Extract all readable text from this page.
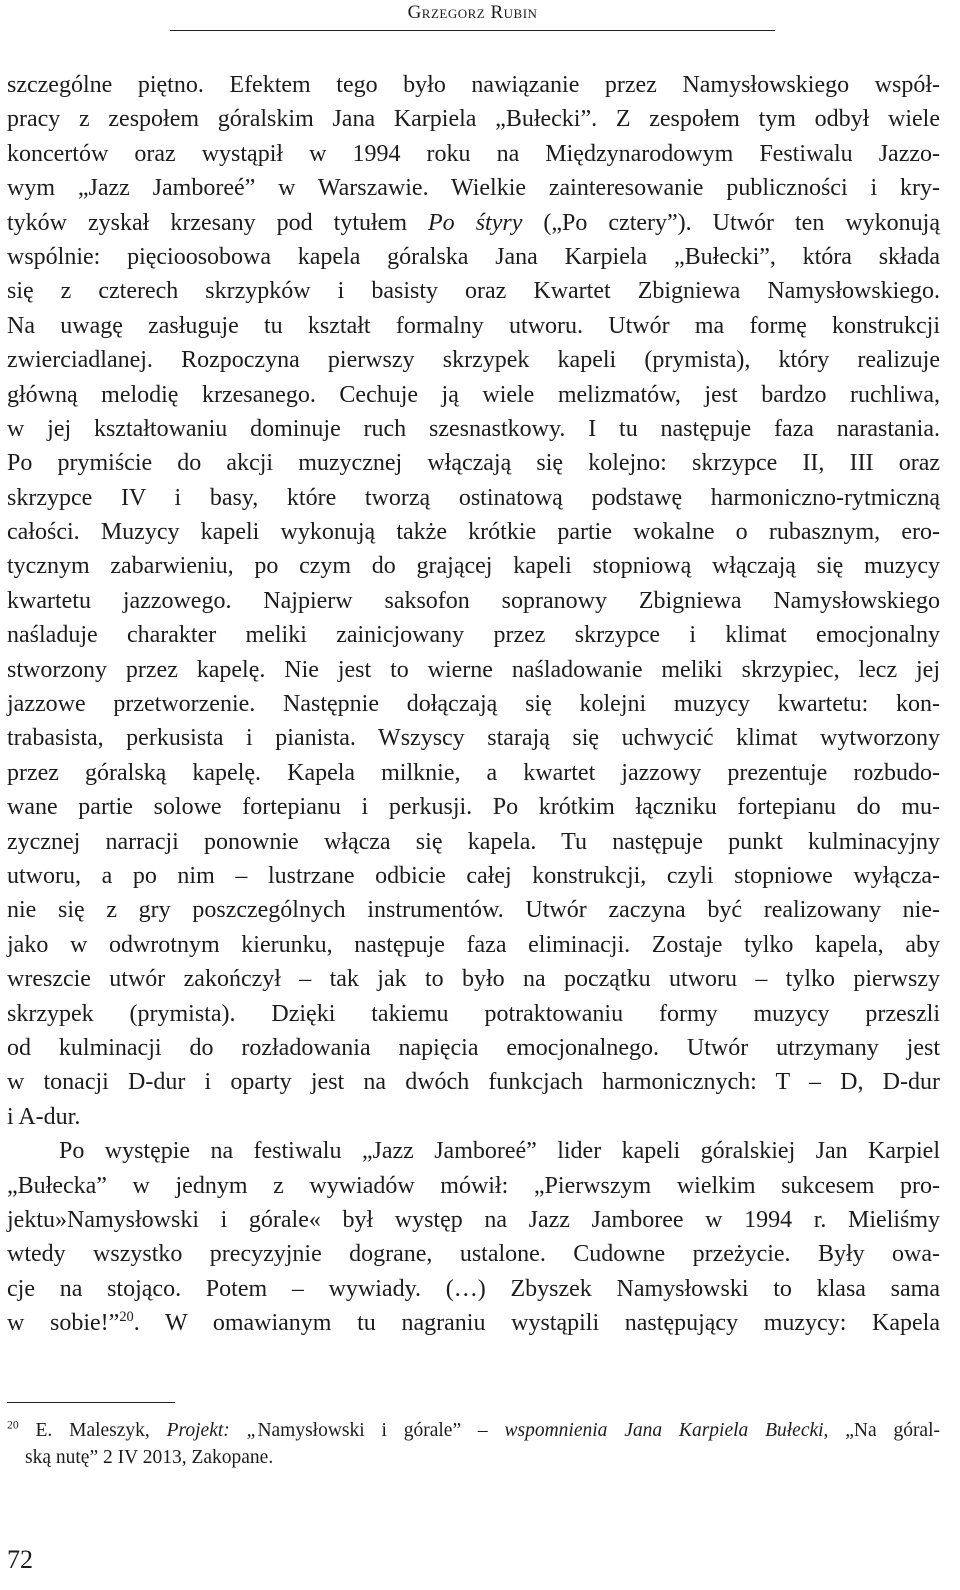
Grzegorz Rubin
szczególne piętno. Efektem tego było nawiązanie przez Namysłowskiego współ-
pracy z zespołem góralskim Jana Karpiela „Bułecki”. Z zespołem tym odbył wiele
koncertów oraz wystąpił w 1994 roku na Międzynarodowym Festiwalu Jazzo-
wym „Jazz Jamboreé” w Warszawie. Wielkie zainteresowanie publiczności i kry-
tyków zyskał krzesany pod tytułem Po śtyry („Po cztery”). Utwór ten wykonują
wspólnie: pięcioosobowa kapela góralska Jana Karpiela „Bułecki”, która składa
się z czterech skrzypków i basisty oraz Kwartet Zbigniewa Namysłowskiego.
Na uwagę zasługuje tu kształt formalny utworu. Utwór ma formę konstrukcji
zwierciadlanej. Rozpoczyna pierwszy skrzypek kapeli (prymista), który realizuje
główną melodię krzesanego. Cechuje ją wiele melizmatów, jest bardzo ruchliwa,
w jej kształtowaniu dominuje ruch szesnastkowy. I tu następuje faza narastania.
Po prymiście do akcji muzycznej włączają się kolejno: skrzypce II, III oraz
skrzypce IV i basy, które tworzą ostinatową podstawę harmoniczno-rytmiczną
całości. Muzycy kapeli wykonują także krótkie partie wokalne o rubasznym, ero-
tycznym zabarwieniu, po czym do grającej kapeli stopniową włączają się muzycy
kwartetu jazzowego. Najpierw saksofon sopranowy Zbigniewa Namysłowskiego
naśladuje charakter meliki zainicjowany przez skrzypce i klimat emocjonalny
stworzony przez kapelę. Nie jest to wierne naśladowanie meliki skrzypiec, lecz jej
jazzowe przetworzenie. Następnie dołączają się kolejni muzycy kwartetu: kon-
trabasista, perkusista i pianista. Wszyscy starają się uchwycić klimat wytworzony
przez góralską kapelę. Kapela milknie, a kwartet jazzowy prezentuje rozbudo-
wane partie solowe fortepianu i perkusji. Po krótkim łączniku fortepianu do mu-
zycznej narracji ponownie włącza się kapela. Tu następuje punkt kulminacyjny
utworu, a po nim – lustrzane odbicie całej konstrukcji, czyli stopniowe wyłącza-
nie się z gry poszczególnych instrumentów. Utwór zaczyna być realizowany nie-
jako w odwrotnym kierunku, następuje faza eliminacji. Zostaje tylko kapela, aby
wreszcie utwór zakończył – tak jak to było na początku utworu – tylko pierwszy
skrzypek (prymista). Dzięki takiemu potraktowaniu formy muzycy przeszli
od kulminacji do rozładowania napięcia emocjonalnego. Utwór utrzymany jest
w tonacji D-dur i oparty jest na dwóch funkcjach harmonicznych: T – D, D-dur
i A-dur.
Po występie na festiwalu „Jazz Jamboreé” lider kapeli góralskiej Jan Karpiel
„Bułecka” w jednym z wywiadów mówił: „Pierwszym wielkim sukcesem pro-
jektu»Namysłowski i górale« był występ na Jazz Jamboree w 1994 r. Mieliśmy
wtedy wszystko precyzyjnie dograne, ustalone. Cudowne przeżycie. Były owa-
cje na stojąco. Potem – wywiady. (…) Zbyszek Namysłowski to klasa sama
w sobie!”$^{20}$. W omawianym tu nagraniu wystąpili następujący muzycy: Kapela
$^{20}$ E. Maleszyk, Projekt: „Namysłowski i górale” – wspomnienia Jana Karpiela Bułecki, „Na góral-
ską nutę” 2 IV 2013, Zakopane.
72
